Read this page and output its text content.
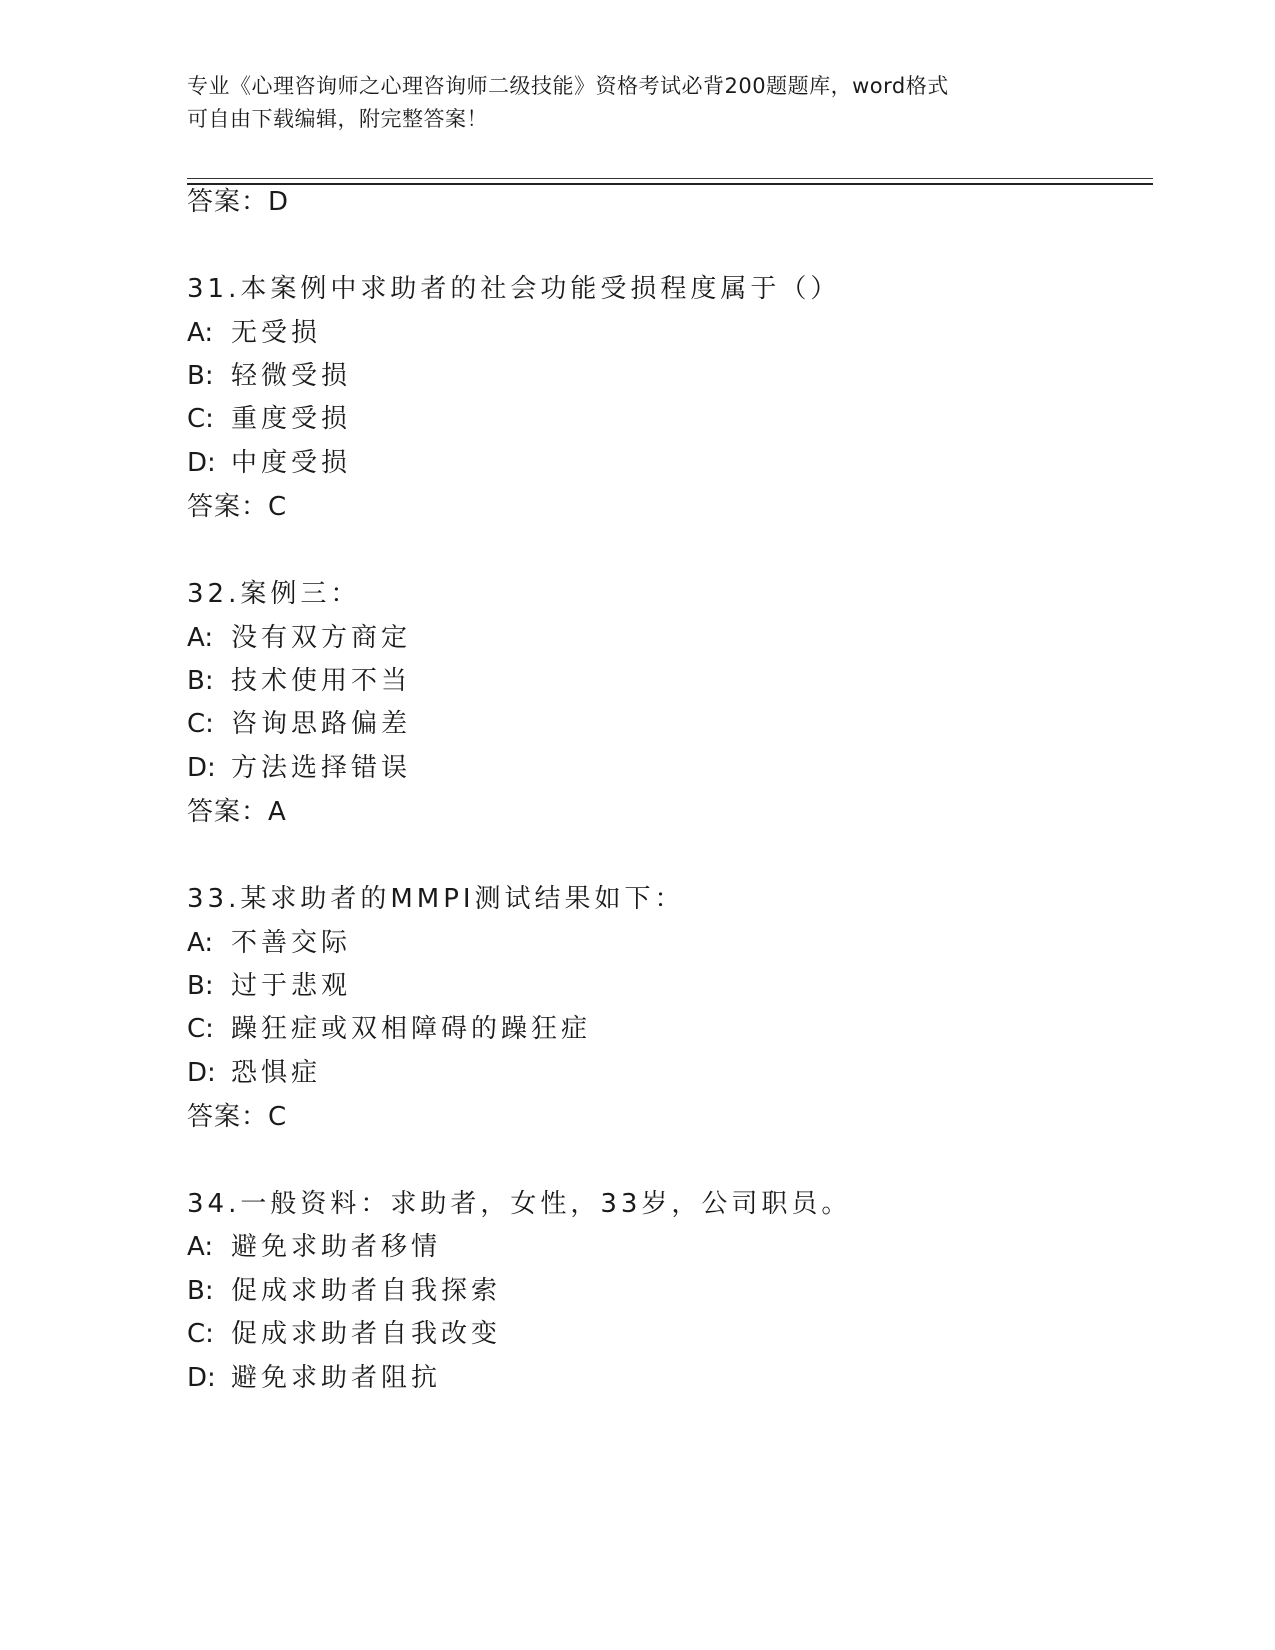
专业《心理咨询师之心理咨询师二级技能》资格考试必背200题题库，word格式
可自由下载编辑，附完整答案！
答案：D
31.本案例中求助者的社会功能受损程度属于（）
A: 无受损
B: 轻微受损
C: 重度受损
D: 中度受损
答案：C
32.案例三：
A: 没有双方商定
B: 技术使用不当
C: 咨询思路偏差
D: 方法选择错误
答案：A
33.某求助者的MMPI测试结果如下：
A: 不善交际
B: 过于悲观
C: 躁狂症或双相障碍的躁狂症
D: 恐惧症
答案：C
34.一般资料：求助者，女性，33岁，公司职员。
A: 避免求助者移情
B: 促成求助者自我探索
C: 促成求助者自我改变
D: 避免求助者阻抗
